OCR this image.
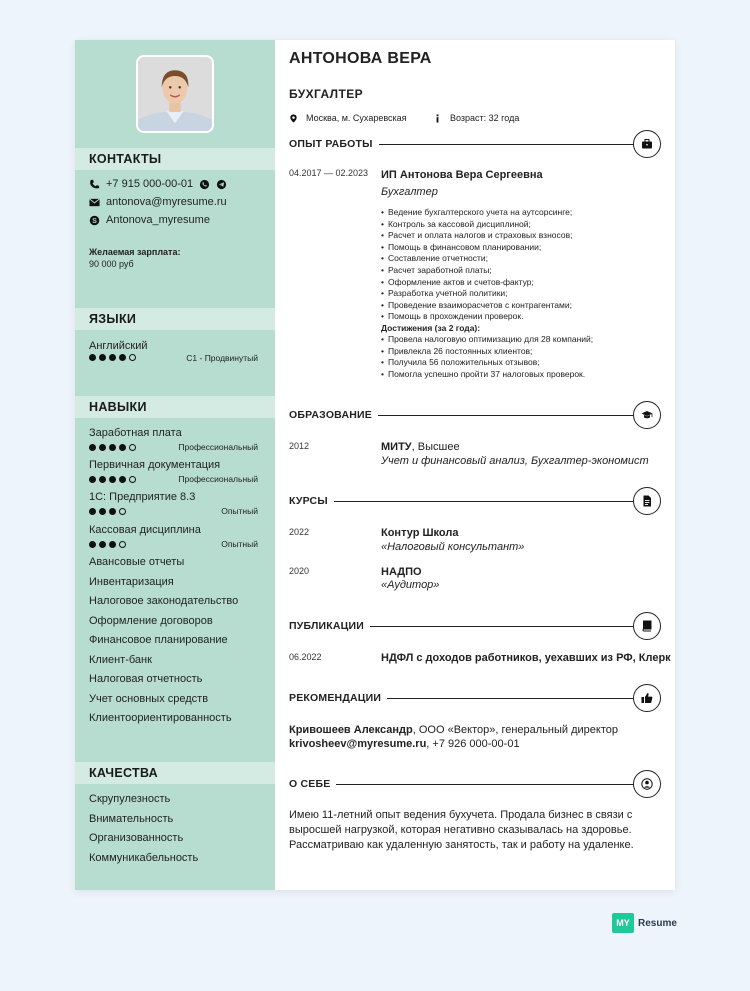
КОНТАКТЫ
+7 915 000-00-01
antonova@myresume.ru
S Antonova_myresume
Желаемая зарплата:
90 000 руб
ЯЗЫКИ
Английский
C1 - Продвинутый
НАВЫКИ
Заработная плата
Профессиональный
Первичная документация
Профессиональный
1С: Предприятие 8.3
Опытный
Кассовая дисциплина
Опытный
Авансовые отчеты
Инвентаризация
Налоговое законодательство
Оформление договоров
Финансовое планирование
Клиент-банк
Налоговая отчетность
Учет основных средств
Клиентоориентированность
КАЧЕСТВА
Скрупулезность
Внимательность
Организованность
Коммуникабельность
АНТОНОВА ВЕРА
БУХГАЛТЕР
Москва, м. Сухаревская	Возраст: 32 года
ОПЫТ РАБОТЫ
04.2017 — 02.2023 ИП Антонова Вера Сергеевна
Бухгалтер
• Ведение бухгалтерского учета на аутсорсинге;
• Контроль за кассовой дисциплиной;
• Расчет и оплата налогов и страховых взносов;
• Помощь в финансовом планировании;
• Составление отчетности;
• Расчет заработной платы;
• Оформление актов и счетов-фактур;
• Разработка учетной политики;
• Проведение взаиморасчетов с контрагентами;
• Помощь в прохождении проверок.
Достижения (за 2 года):
• Провела налоговую оптимизацию для 28 компаний;
• Привлекла 26 постоянных клиентов;
• Получила 56 положительных отзывов;
• Помогла успешно пройти 37 налоговых проверок.
ОБРАЗОВАНИЕ
2012	МИТУ, Высшее
Учет и финансовый анализ, Бухгалтер-экономист
КУРСЫ
2022	Контур Школа
«Налоговый консультант»
2020	НАДПО
«Аудитор»
ПУБЛИКАЦИИ
06.2022	НДФЛ с доходов работников, уехавших из РФ, Клерк
РЕКОМЕНДАЦИИ
Кривошеев Александр, ООО «Вектор», генеральный директор
krivosheev@myresume.ru, +7 926 000-00-01
О СЕБЕ
Имею 11-летний опыт ведения бухучета. Продала бизнес в связи с выросшей нагрузкой, которая негативно сказывалась на здоровье. Рассматриваю как удаленную занятость, так и работу на удаленке.
MY Resume
